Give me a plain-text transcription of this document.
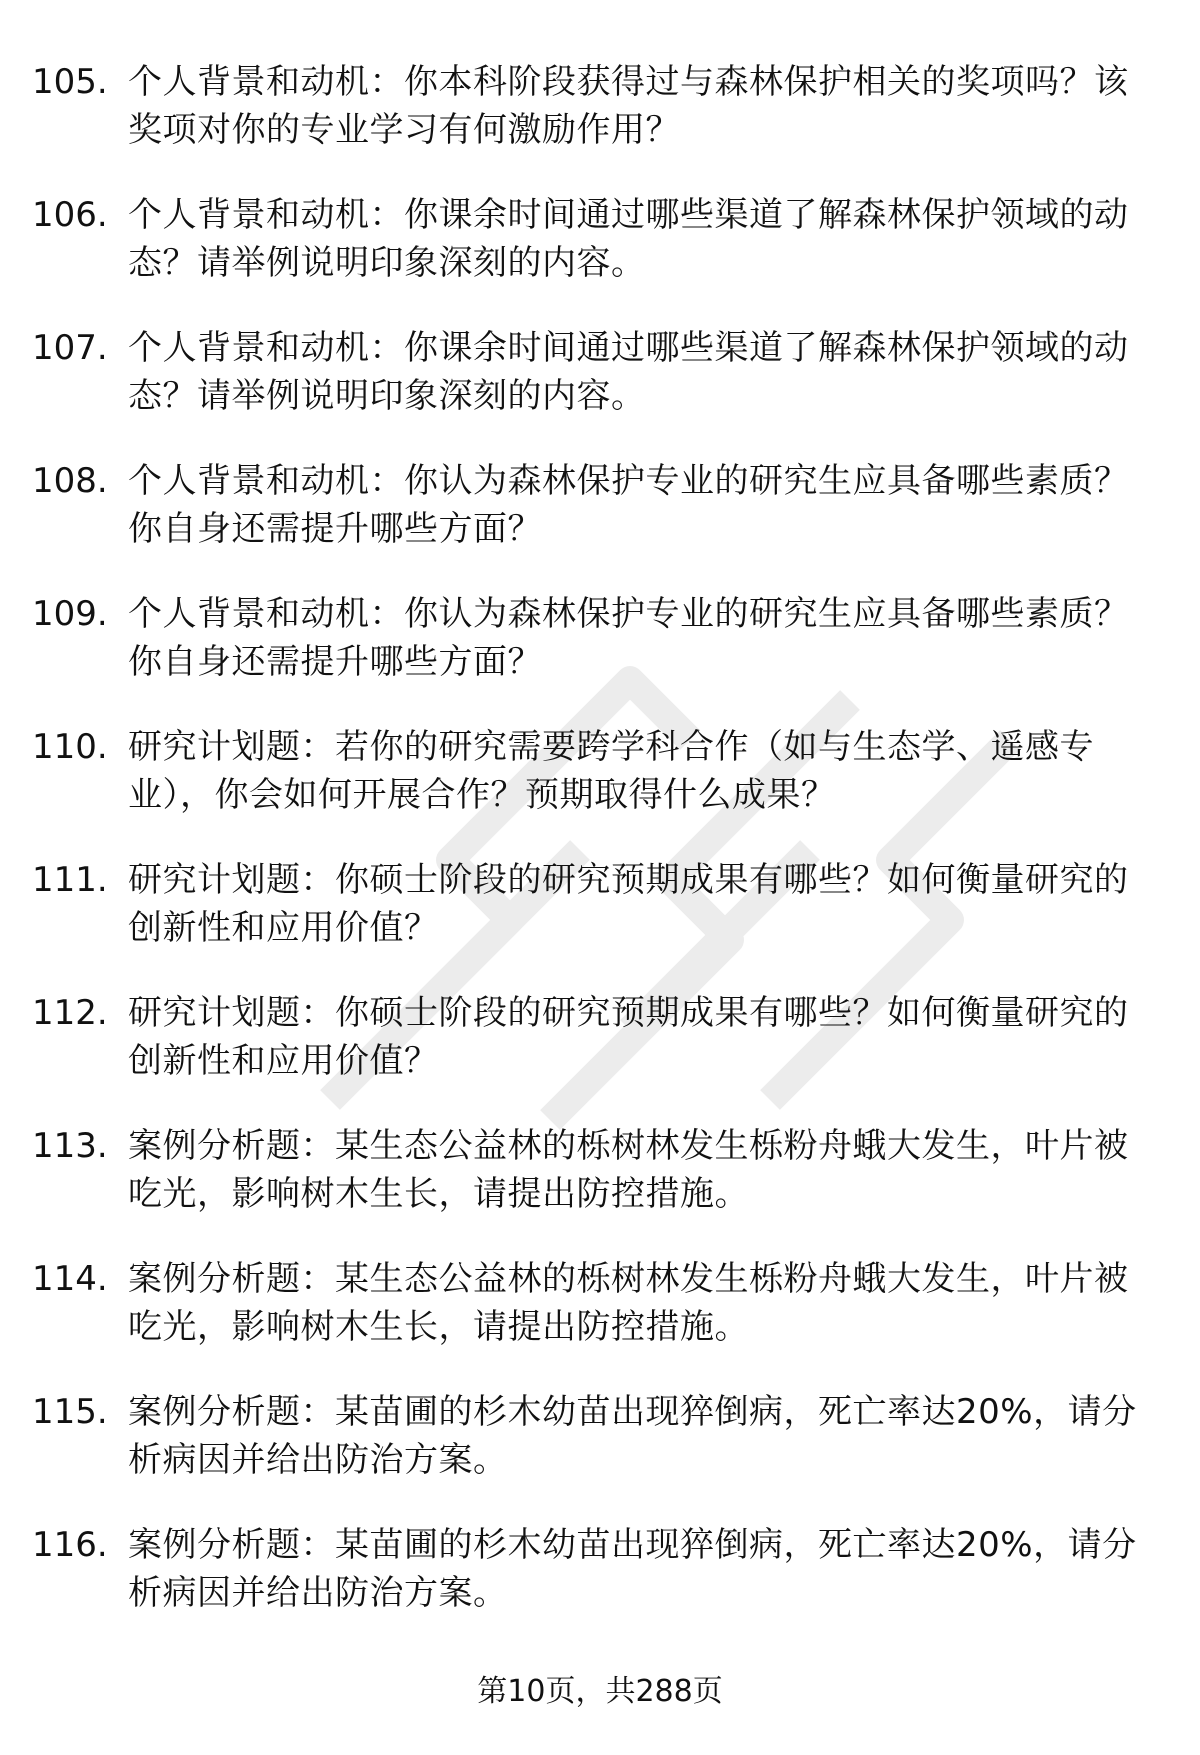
105. 个人背景和动机：你本科阶段获得过与森林保护相关的奖项吗？该奖项对你的专业学习有何激励作用？
106. 个人背景和动机：你课余时间通过哪些渠道了解森林保护领域的动态？请举例说明印象深刻的内容。
107. 个人背景和动机：你课余时间通过哪些渠道了解森林保护领域的动态？请举例说明印象深刻的内容。
108. 个人背景和动机：你认为森林保护专业的研究生应具备哪些素质？你自身还需提升哪些方面？
109. 个人背景和动机：你认为森林保护专业的研究生应具备哪些素质？你自身还需提升哪些方面？
110. 研究计划题：若你的研究需要跨学科合作（如与生态学、遥感专业），你会如何开展合作？预期取得什么成果？
111. 研究计划题：你硕士阶段的研究预期成果有哪些？如何衡量研究的创新性和应用价值？
112. 研究计划题：你硕士阶段的研究预期成果有哪些？如何衡量研究的创新性和应用价值？
113. 案例分析题：某生态公益林的栎树林发生栎粉舟蛾大发生，叶片被吃光，影响树木生长，请提出防控措施。
114. 案例分析题：某生态公益林的栎树林发生栎粉舟蛾大发生，叶片被吃光，影响树木生长，请提出防控措施。
115. 案例分析题：某苗圃的杉木幼苗出现猝倒病，死亡率达20%，请分析病因并给出防治方案。
116. 案例分析题：某苗圃的杉木幼苗出现猝倒病，死亡率达20%，请分析病因并给出防治方案。
第10页，共288页
